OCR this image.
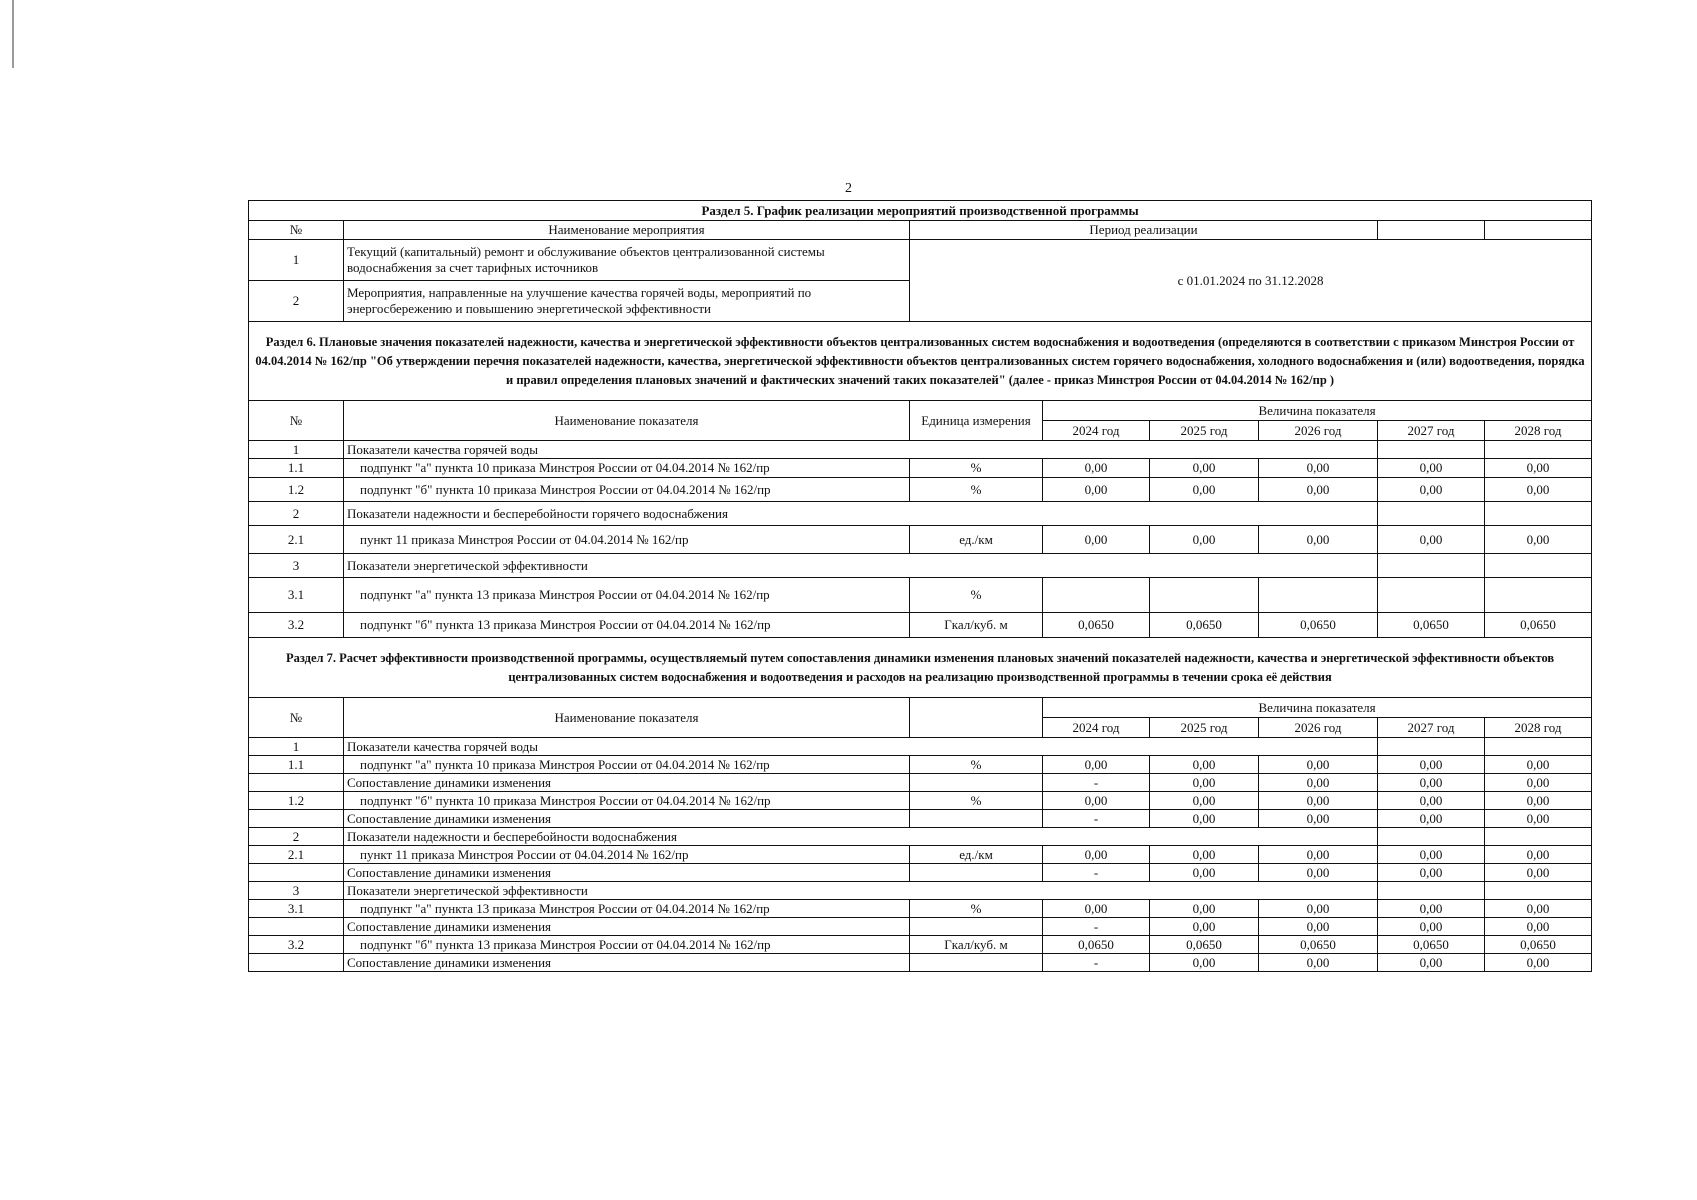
2
Раздел 5. График реализации мероприятий производственной программы							
№	Наименование мероприятия	Период реализации					
1	Текущий (капитальный) ремонт и обслуживание объектов централизованной системы водоснабжения за счет тарифных источников	с 01.01.2024 по 31.12.2028					
2	Мероприятия, направленные на улучшение качества горячей воды, мероприятий по энергосбережению и повышению энергетической эффективности						
Раздел 6. Плановые значения показателей надежности, качества и энергетической эффективности объектов централизованных систем водоснабжения и водоотведения (определяются в соответствии с приказом Минстроя России от 04.04.2014 № 162/пр "Об утверждении перечня показателей надежности, качества, энергетической эффективности объектов централизованных систем горячего водоснабжения, холодного водоснабжения и (или) водоотведения, порядка и правил определения плановых значений и фактических значений таких показателей" (далее - приказ Минстроя России от 04.04.2014 № 162/пр )							
№	Наименование показателя	Единица измерения	Величина показателя				
			2024 год	2025 год	2026 год	2027 год	2028 год
1	Показатели качества горячей воды						
1.1	подпункт "а" пункта 10 приказа Минстроя России от 04.04.2014 № 162/пр	%	0,00	0,00	0,00	0,00	0,00
1.2	подпункт "б" пункта 10 приказа Минстроя России от 04.04.2014 № 162/пр	%	0,00	0,00	0,00	0,00	0,00
2	Показатели надежности и бесперебойности горячего водоснабжения						
2.1	пункт 11 приказа Минстроя России от 04.04.2014 № 162/пр	ед./км	0,00	0,00	0,00	0,00	0,00
3	Показатели энергетической эффективности						
3.1	подпункт "а" пункта 13 приказа Минстроя России от 04.04.2014 № 162/пр	%					
3.2	подпункт "б" пункта 13 приказа Минстроя России от 04.04.2014 № 162/пр	Гкал/куб. м	0,0650	0,0650	0,0650	0,0650	0,0650
Раздел 7. Расчет эффективности производственной программы, осуществляемый путем сопоставления динамики изменения плановых значений показателей надежности, качества и энергетической эффективности объектов централизованных систем водоснабжения и водоотведения и расходов на реализацию производственной программы в течении срока её действия							
№	Наименование показателя		Величина показателя				
			2024 год	2025 год	2026 год	2027 год	2028 год
1	Показатели качества горячей воды						
1.1	подпункт "а" пункта 10 приказа Минстроя России от 04.04.2014 № 162/пр	%	0,00	0,00	0,00	0,00	0,00
	Сопоставление динамики изменения		-	0,00	0,00	0,00	0,00
1.2	подпункт "б" пункта 10 приказа Минстроя России от 04.04.2014 № 162/пр	%	0,00	0,00	0,00	0,00	0,00
	Сопоставление динамики изменения		-	0,00	0,00	0,00	0,00
2	Показатели надежности и бесперебойности водоснабжения						
2.1	пункт 11 приказа Минстроя России от 04.04.2014 № 162/пр	ед./км	0,00	0,00	0,00	0,00	0,00
	Сопоставление динамики изменения		-	0,00	0,00	0,00	0,00
3	Показатели энергетической эффективности						
3.1	подпункт "а" пункта 13 приказа Минстроя России от 04.04.2014 № 162/пр	%	0,00	0,00	0,00	0,00	0,00
	Сопоставление динамики изменения		-	0,00	0,00	0,00	0,00
3.2	подпункт "б" пункта 13 приказа Минстроя России от 04.04.2014 № 162/пр	Гкал/куб. м	0,0650	0,0650	0,0650	0,0650	0,0650
	Сопоставление динамики изменения		-	0,00	0,00	0,00	0,00
